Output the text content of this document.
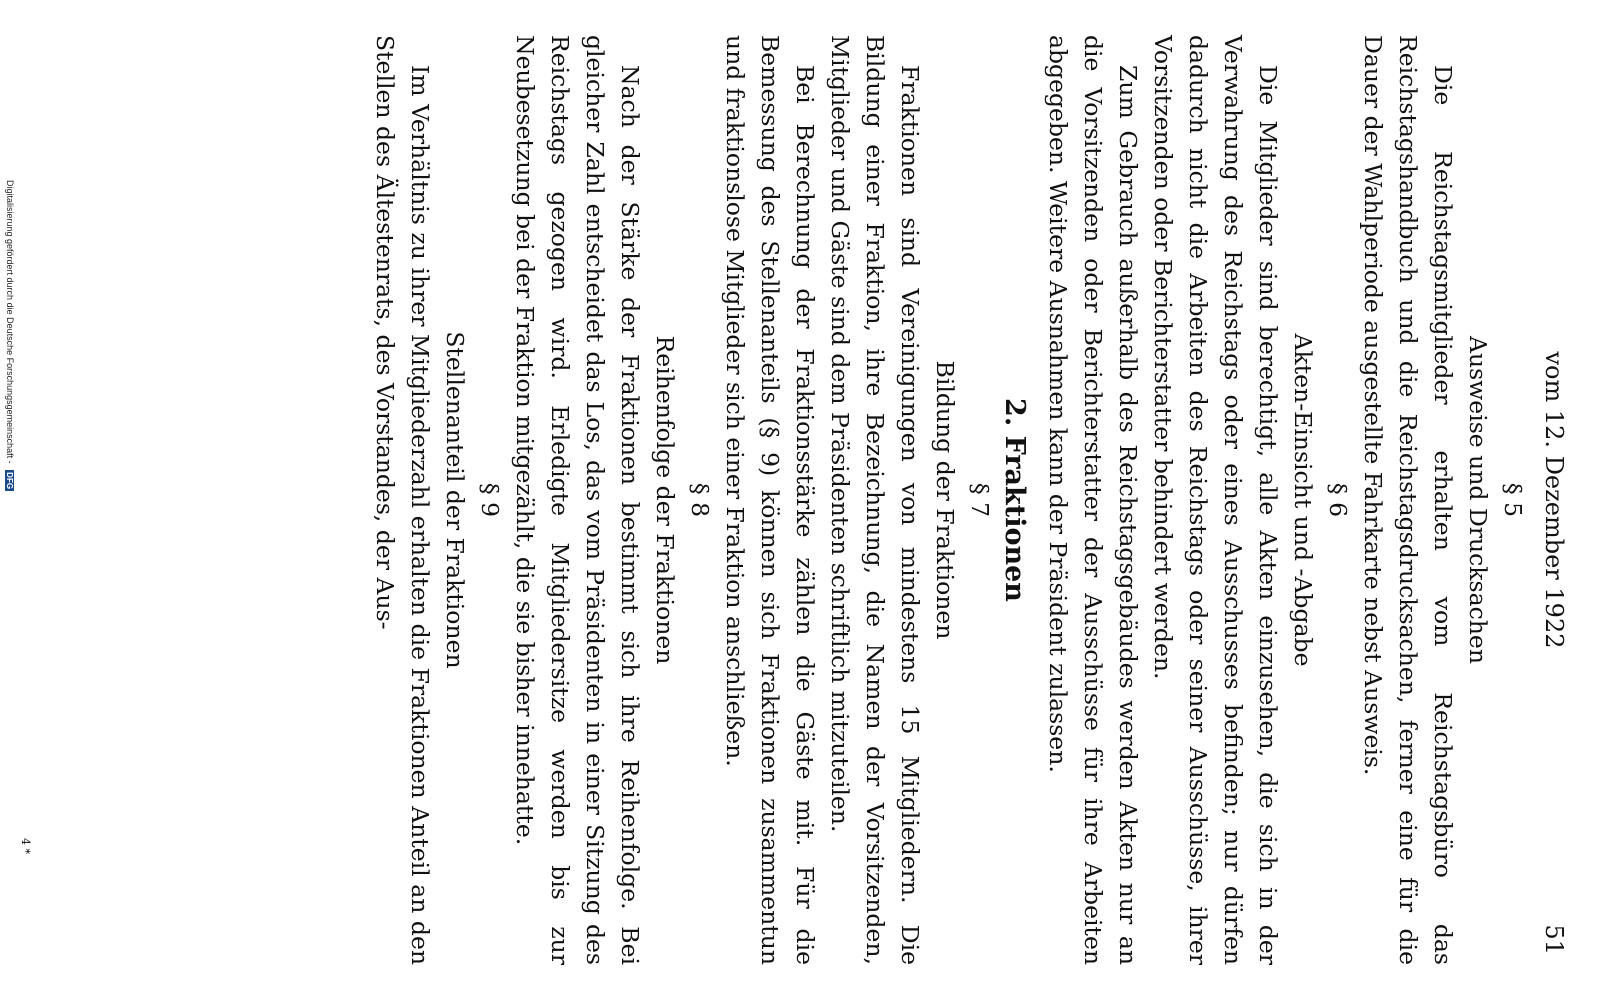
vom 12. Dezember 1922
51
§ 5
Ausweise und Drucksachen

Die Reichstagsmitglieder erhalten vom Reichstagsbüro das Reichstagshandbuch und die Reichstagsdrucksachen, ferner eine für die Dauer der Wahlperiode ausgestellte Fahrkarte nebst Ausweis.

§ 6
Akten-Einsicht und -Abgabe

Die Mitglieder sind berechtigt, alle Akten einzusehen, die sich in der Verwahrung des Reichstags oder eines Ausschusses befinden; nur dürfen dadurch nicht die Arbeiten des Reichstags oder seiner Ausschüsse, ihrer Vorsitzenden oder Berichterstatter behindert werden.

Zum Gebrauch außerhalb des Reichstagsgebäudes werden Akten nur an die Vorsitzenden oder Berichterstatter der Ausschüsse für ihre Arbeiten abgegeben. Weitere Ausnahmen kann der Präsident zulassen.

2. Fraktionen
§ 7
Bildung der Fraktionen

Fraktionen sind Vereinigungen von mindestens 15 Mitgliedern. Die Bildung einer Fraktion, ihre Bezeichnung, die Namen der Vorsitzenden, Mitglieder und Gäste sind dem Präsidenten schriftlich mitzuteilen.

Bei Berechnung der Fraktionsstärke zählen die Gäste mit. Für die Bemessung des Stellenanteils (§ 9) können sich Fraktionen zusammentun und fraktionslose Mitglieder sich einer Fraktion anschließen.

§ 8
Reihenfolge der Fraktionen

Nach der Stärke der Fraktionen bestimmt sich ihre Reihenfolge. Bei gleicher Zahl entscheidet das Los, das vom Präsidenten in einer Sitzung des Reichstags gezogen wird. Erledigte Mitgliedersitze werden bis zur Neubesetzung bei der Fraktion mitgezählt, die sie bisher innehatte.

§ 9
Stellenanteil der Fraktionen

Im Verhältnis zu ihrer Mitgliederzahl erhalten die Fraktionen Anteil an den Stellen des Ältestenrats, des Vorstandes, der Aus-

Digitalisierung gefördert durch die Deutsche Forschungsgemeinschaft - DFG
4 *
